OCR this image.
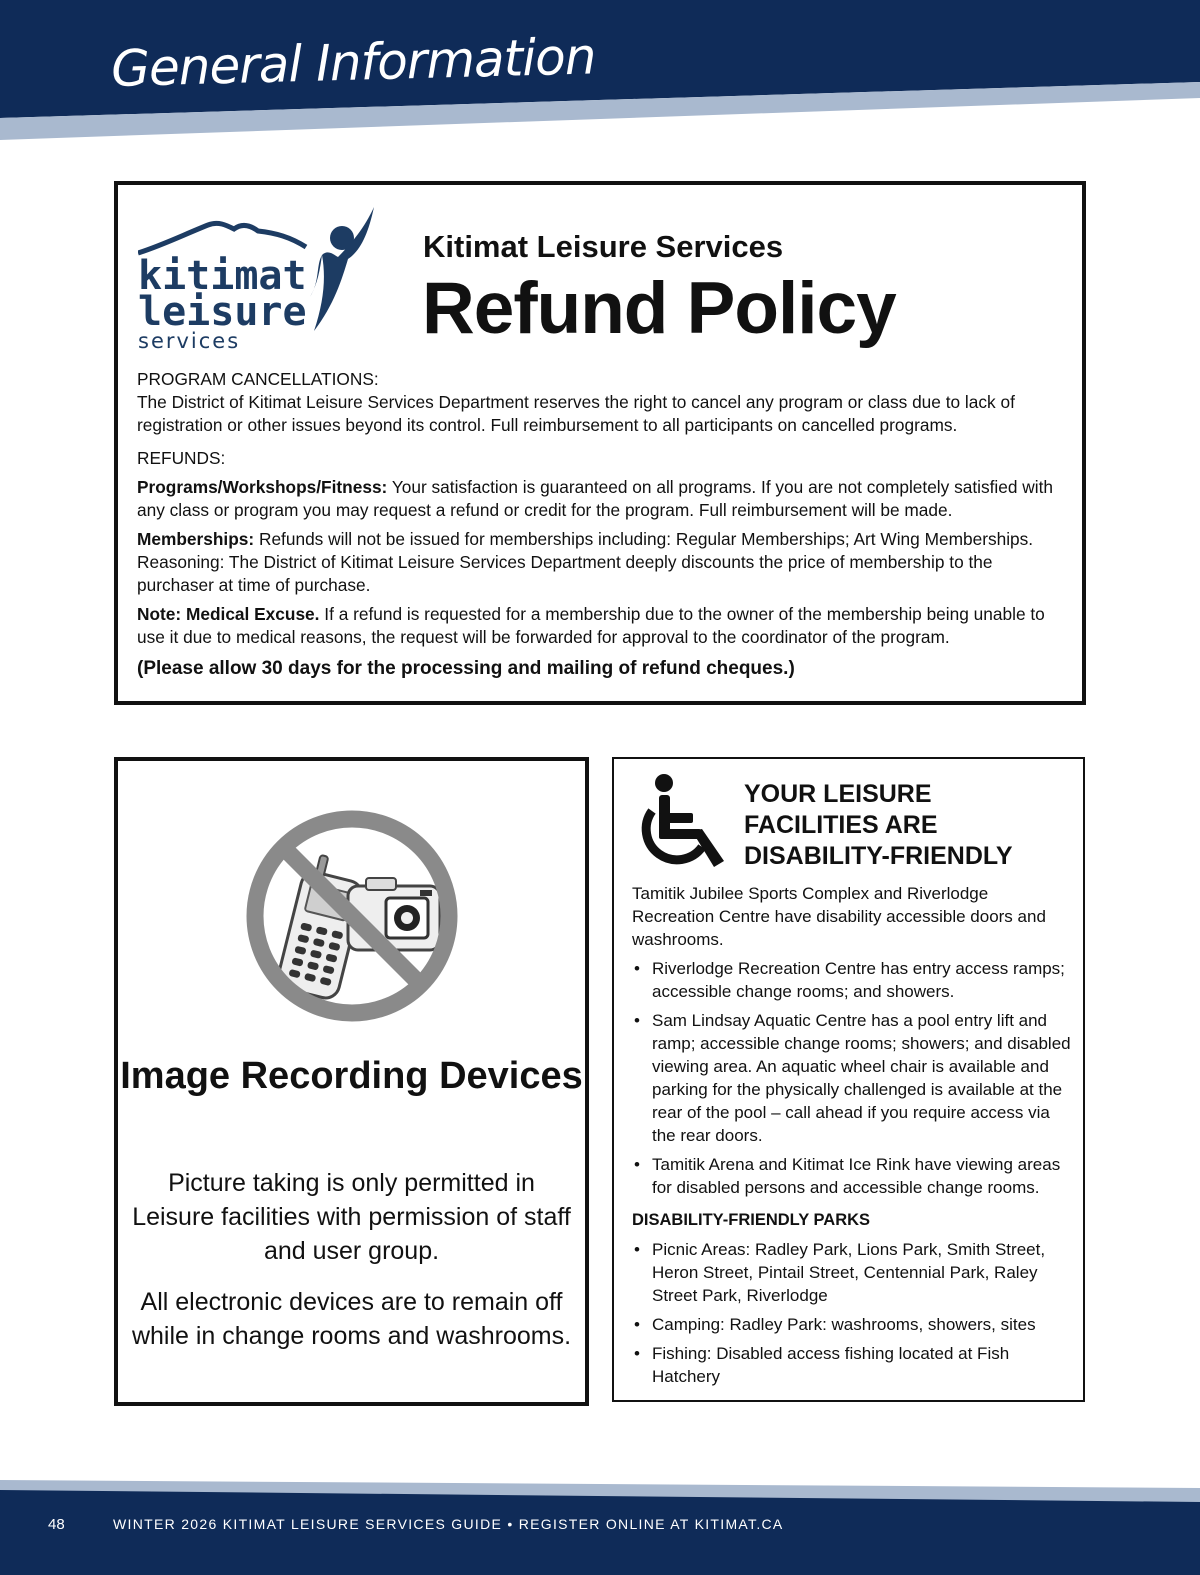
General Information
kitimat
leisure
services
Kitimat Leisure Services
Refund Policy

PROGRAM CANCELLATIONS:

The District of Kitimat Leisure Services Department reserves the right to cancel any program or class due to lack of registration or other issues beyond its control. Full reimbursement to all participants on cancelled programs.

REFUNDS:

Programs/Workshops/Fitness: Your satisfaction is guaranteed on all programs. If you are not completely satisfied with any class or program you may request a refund or credit for the program. Full reimbursement will be made.

Memberships: Refunds will not be issued for memberships including: Regular Memberships; Art Wing Memberships. Reasoning: The District of Kitimat Leisure Services Department deeply discounts the price of membership to the purchaser at time of purchase.

Note: Medical Excuse. If a refund is requested for a membership due to the owner of the membership being unable to use it due to medical reasons, the request will be forwarded for approval to the coordinator of the program.

(Please allow 30 days for the processing and mailing of refund cheques.)

Image Recording Devices
Picture taking is only permitted in Leisure facilities with permission of staff and user group.
All electronic devices are to remain off while in change rooms and washrooms.
YOUR LEISURE
FACILITIES ARE
DISABILITY-FRIENDLY

Tamitik Jubilee Sports Complex and Riverlodge Recreation Centre have disability accessible doors and washrooms.

• Riverlodge Recreation Centre has entry access ramps; accessible change rooms; and showers.
• Sam Lindsay Aquatic Centre has a pool entry lift and ramp; accessible change rooms; showers; and disabled viewing area. An aquatic wheel chair is available and parking for the physically challenged is available at the rear of the pool – call ahead if you require access via the rear doors.
• Tamitik Arena and Kitimat Ice Rink have viewing areas for disabled persons and accessible change rooms.

DISABILITY-FRIENDLY PARKS

• Picnic Areas: Radley Park, Lions Park, Smith Street, Heron Street, Pintail Street, Centennial Park, Raley Street Park, Riverlodge
• Camping: Radley Park: washrooms, showers, sites
• Fishing: Disabled access fishing located at Fish Hatchery
48	WINTER 2026 KITIMAT LEISURE SERVICES GUIDE • REGISTER ONLINE AT KITIMAT.CA
